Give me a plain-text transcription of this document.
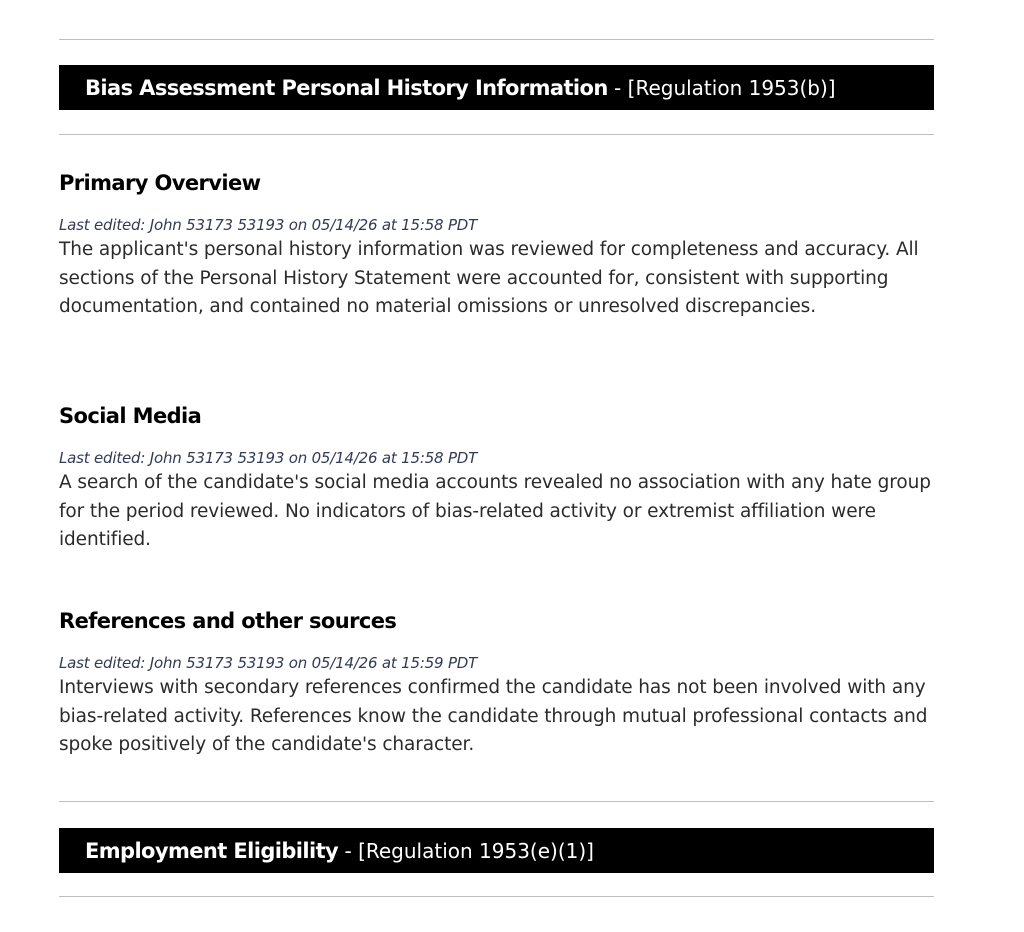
Bias Assessment Personal History Information - [Regulation 1953(b)]
Primary Overview
Last edited: John 53173 53193 on 05/14/26 at 15:58 PDT
The applicant's personal history information was reviewed for completeness and accuracy. All sections of the Personal History Statement were accounted for, consistent with supporting documentation, and contained no material omissions or unresolved discrepancies.
Social Media
Last edited: John 53173 53193 on 05/14/26 at 15:58 PDT
A search of the candidate's social media accounts revealed no association with any hate group for the period reviewed. No indicators of bias-related activity or extremist affiliation were identified.
References and other sources
Last edited: John 53173 53193 on 05/14/26 at 15:59 PDT
Interviews with secondary references confirmed the candidate has not been involved with any bias-related activity. References know the candidate through mutual professional contacts and spoke positively of the candidate's character.
Employment Eligibility - [Regulation 1953(e)(1)]
